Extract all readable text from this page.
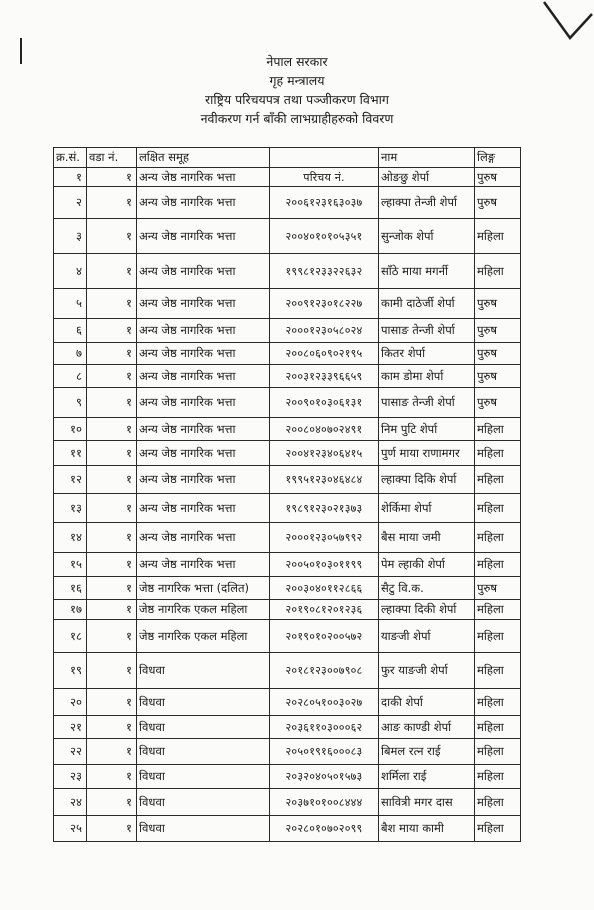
नेपाल सरकार
गृह मन्त्रालय
राष्ट्रिय परिचयपत्र तथा पञ्जीकरण विभाग
नवीकरण गर्न बाँकी लाभग्राहीहरुको विवरण
क्र.सं.	वडा नं.	लक्षित समूह		नाम	लिङ्ग
१	१	अन्य जेष्ठ नागरिक भत्ता	परिचय नं.	ओङछु शेर्पा	पुरुष
२	१	अन्य जेष्ठ नागरिक भत्ता	२००६१२३१६३०३७	ल्हाक्पा तेन्जी शेर्पा	पुरुष
३	१	अन्य जेष्ठ नागरिक भत्ता	२००४०१०१०५३५१	सुन्जोक शेर्पा	महिला
४	१	अन्य जेष्ठ नागरिक भत्ता	१९९८१२३३२२६३२	साँठे माया मगर्नी	महिला
५	१	अन्य जेष्ठ नागरिक भत्ता	२००९१२३०१८२२७	कामी दाठेर्जी शेर्पा	पुरुष
६	१	अन्य जेष्ठ नागरिक भत्ता	२०००१२३०५८०२४	पासाङ तेन्जी शेर्पा	पुरुष
७	१	अन्य जेष्ठ नागरिक भत्ता	२००८०६०९०२१९५	कितर शेर्पा	पुरुष
८	१	अन्य जेष्ठ नागरिक भत्ता	२००३१२३३९६६५९	काम डोमा शेर्पा	पुरुष
९	१	अन्य जेष्ठ नागरिक भत्ता	२००९०१०३०६१३१	पासाङ तेन्जी शेर्पा	पुरुष
१०	१	अन्य जेष्ठ नागरिक भत्ता	२००८०४०७०२४९१	निम पुटि शेर्पा	महिला
११	१	अन्य जेष्ठ नागरिक भत्ता	२००४१२३४०६४१५	पुर्ण माया राणामगर	महिला
१२	१	अन्य जेष्ठ नागरिक भत्ता	१९९५१२३०४६४८४	ल्हाक्पा दिकि शेर्पा	महिला
१३	१	अन्य जेष्ठ नागरिक भत्ता	१९८९१२३०२१३७३	शेर्किमा शेर्पा	महिला
१४	१	अन्य जेष्ठ नागरिक भत्ता	२०००१२३०५७९९२	बैस माया जमी	महिला
१५	१	अन्य जेष्ठ नागरिक भत्ता	२००५०१०३०११९९	पेम ल्हाकी शेर्पा	महिला
१६	१	जेष्ठ नागरिक भत्ता (दलित)	२००३०४०११२८६६	सैटु वि.क.	पुरुष
१७	१	जेष्ठ नागरिक एकल महिला	२०१९०८१२०१२३६	ल्हाक्पा दिकी शेर्पा	महिला
१८	१	जेष्ठ नागरिक एकल महिला	२०१९०१०२००५७२	याङजी शेर्पा	महिला
१९	१	विधवा	२०१८१२३००७९०८	फुर याङजी शेर्पा	महिला
२०	१	विधवा	२०२८०५१००३०२७	दाकी शेर्पा	महिला
२१	१	विधवा	२०३६११०३०००६२	आङ काण्डी शेर्पा	महिला
२२	१	विधवा	२०५०१९१६०००८३	बिमल रत्न राई	महिला
२३	१	विधवा	२०३२०४०५०१५७३	शर्मिला राई	महिला
२४	१	विधवा	२०३७१०१००८४४४	सावित्री मगर दास	महिला
२५	१	विधवा	२०२८०१०७०२०९९	बैश माया कामी	महिला
